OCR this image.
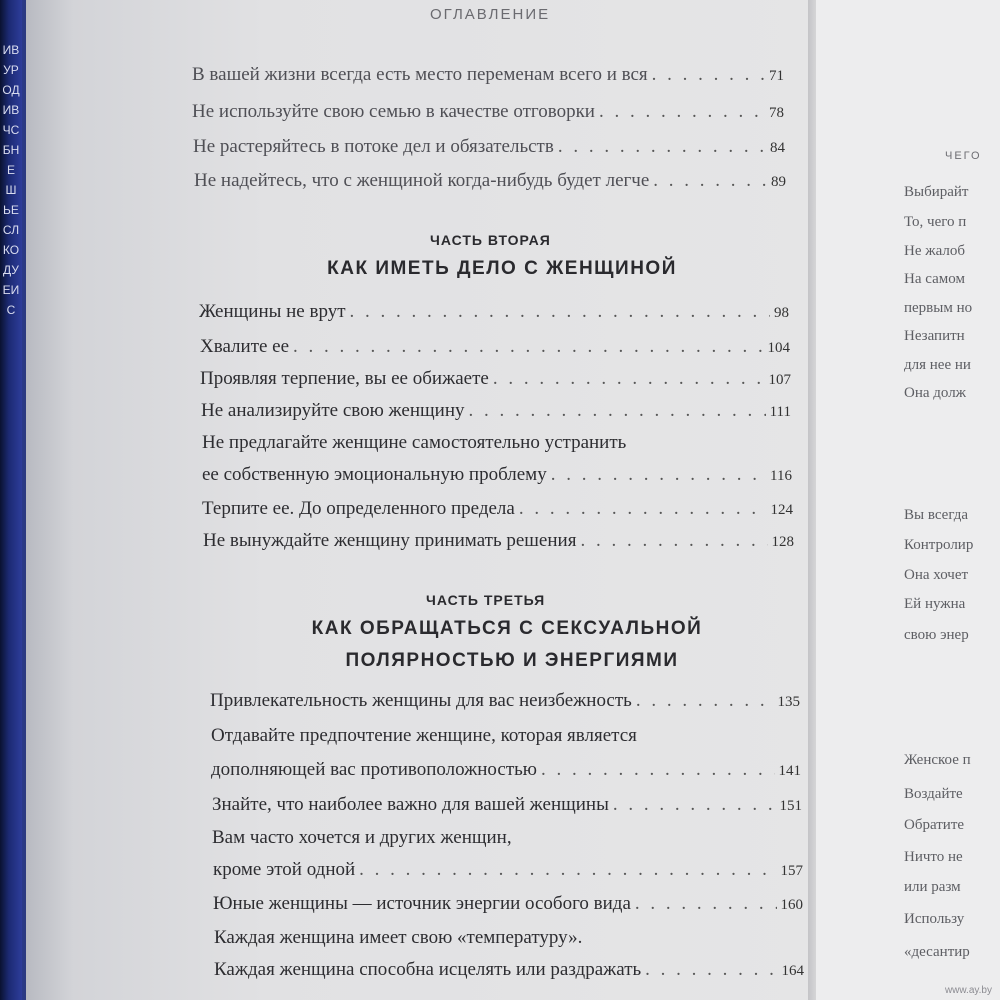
ИВУРОДИВЧСБНЕШЬЕСЛКОДУЕИС
ОГЛАВЛЕНИЕ
В вашей жизни всегда есть место переменам всего и вся . . .	71
Не используйте свою семью в качестве отговорки . . .	78
Не растеряйтесь в потоке дел и обязательств . . .	84
Не надейтесь, что с женщиной когда-нибудь будет легче . . .	89
ЧАСТЬ ВТОРАЯ
КАК ИМЕТЬ ДЕЛО С ЖЕНЩИНОЙ
Женщины не врут . . .	98
Хвалите ее . . .	104
Проявляя терпение, вы ее обижаете . . .	107
Не анализируйте свою женщину . . .	111
Не предлагайте женщине самостоятельно устранить
ее собственную эмоциональную проблему . . .	116
Терпите ее. До определенного предела . . .	124
Не вынуждайте женщину принимать решения . . .	128
ЧАСТЬ ТРЕТЬЯ
КАК ОБРАЩАТЬСЯ С СЕКСУАЛЬНОЙ
ПОЛЯРНОСТЬЮ И ЭНЕРГИЯМИ
Привлекательность женщины для вас неизбежность . . .	135
Отдавайте предпочтение женщине, которая является
дополняющей вас противоположностью . . .	141
Знайте, что наиболее важно для вашей женщины . . .	151
Вам часто хочется и других женщин,
кроме этой одной . . .	157
Юные женщины — источник энергии особого вида . . .	160
Каждая женщина имеет свою «температуру».
Каждая женщина способна исцелять или раздражать . . .	164
ЧЕГО
Выбирайт
То, чего п
Не жалоб
На самом
первым но
Незапитн
для нее ни
Она долж
Вы всегда
Контролир
Она хочет
Ей нужна
свою энер
Женское п
Воздайте
Обратите
Ничто не
или разм
Использу
«десантир
www.ay.by
